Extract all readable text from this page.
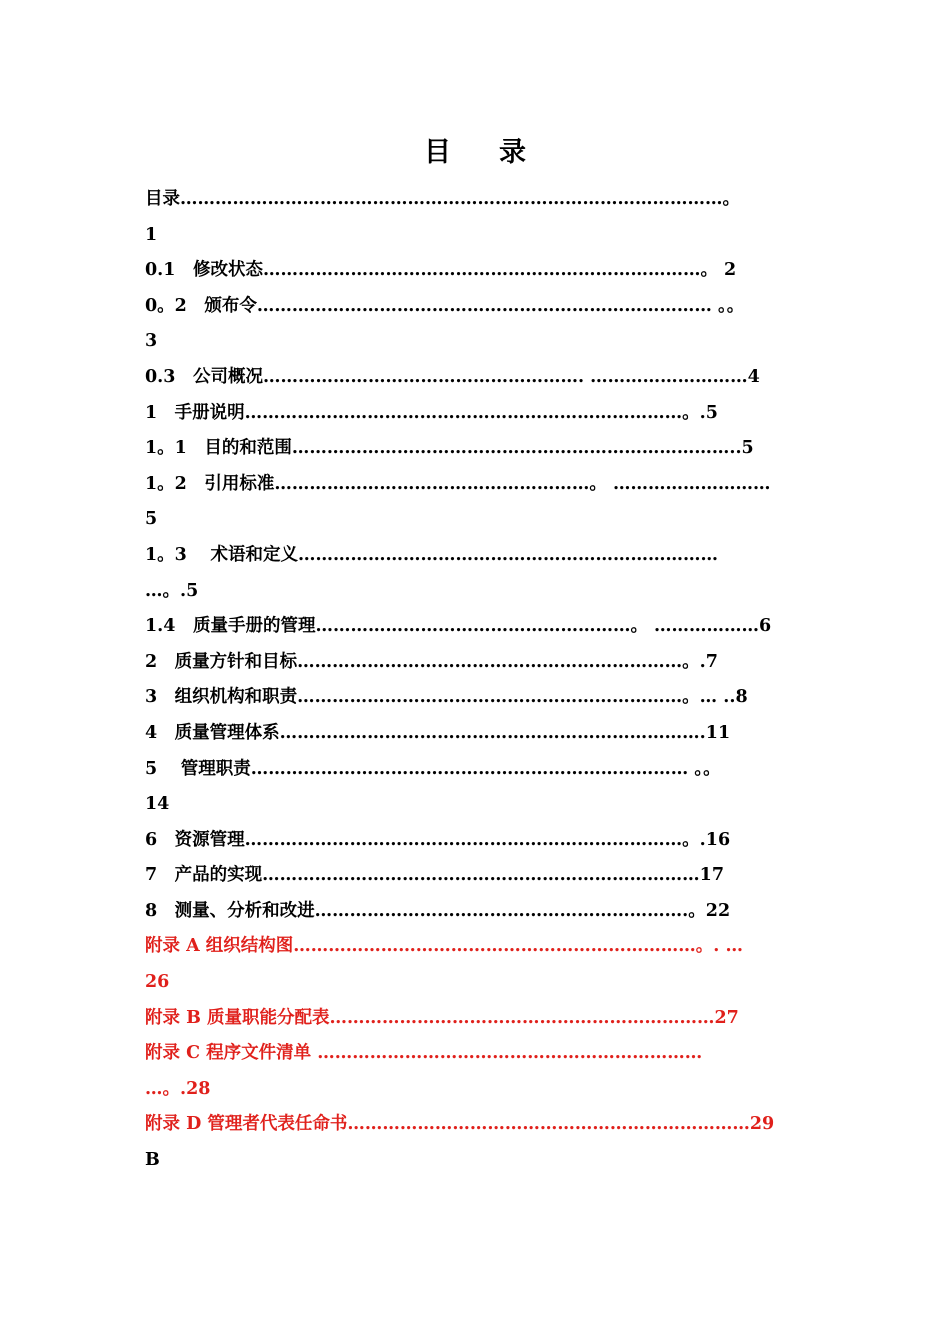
目 录
目录…………………………………………………………………………………。
1
0.1　修改状态…………………………………………………………………。 2
0。2　颁布令…………………………………………………………………… 。。
3
0.3　公司概况………………………………………………. ………………………4
1　手册说明…………………………………………………………………。.5
1。1　目的和范围…………………………………………………………………..5
1。2　引用标准………………………………………………。 ………………………
5
1。3　 术语和定义………………………………………………………………
…。.5
1.4　质量手册的管理………………………………………………。 ………………6
2　质量方针和目标…………………………………………………………。.7
3　组织机构和职责…………………………………………………………。… ..8
4　质量管理体系……………………………………………………………….11
5　 管理职责………………………………………………………………… 。。
14
6　资源管理…………………………………………………………………。.16
7　产品的实现…………………………………………………………………17
8　测量、分析和改进……………………………………………………….。22
附录 A 组织结构图……………………………………………………………。. …
26
附录 B 质量职能分配表…………………………………………………………27
附录 C 程序文件清单 …………………………………………………………
…。.28
附录 D 管理者代表任命书……………………………………………………………29
B
